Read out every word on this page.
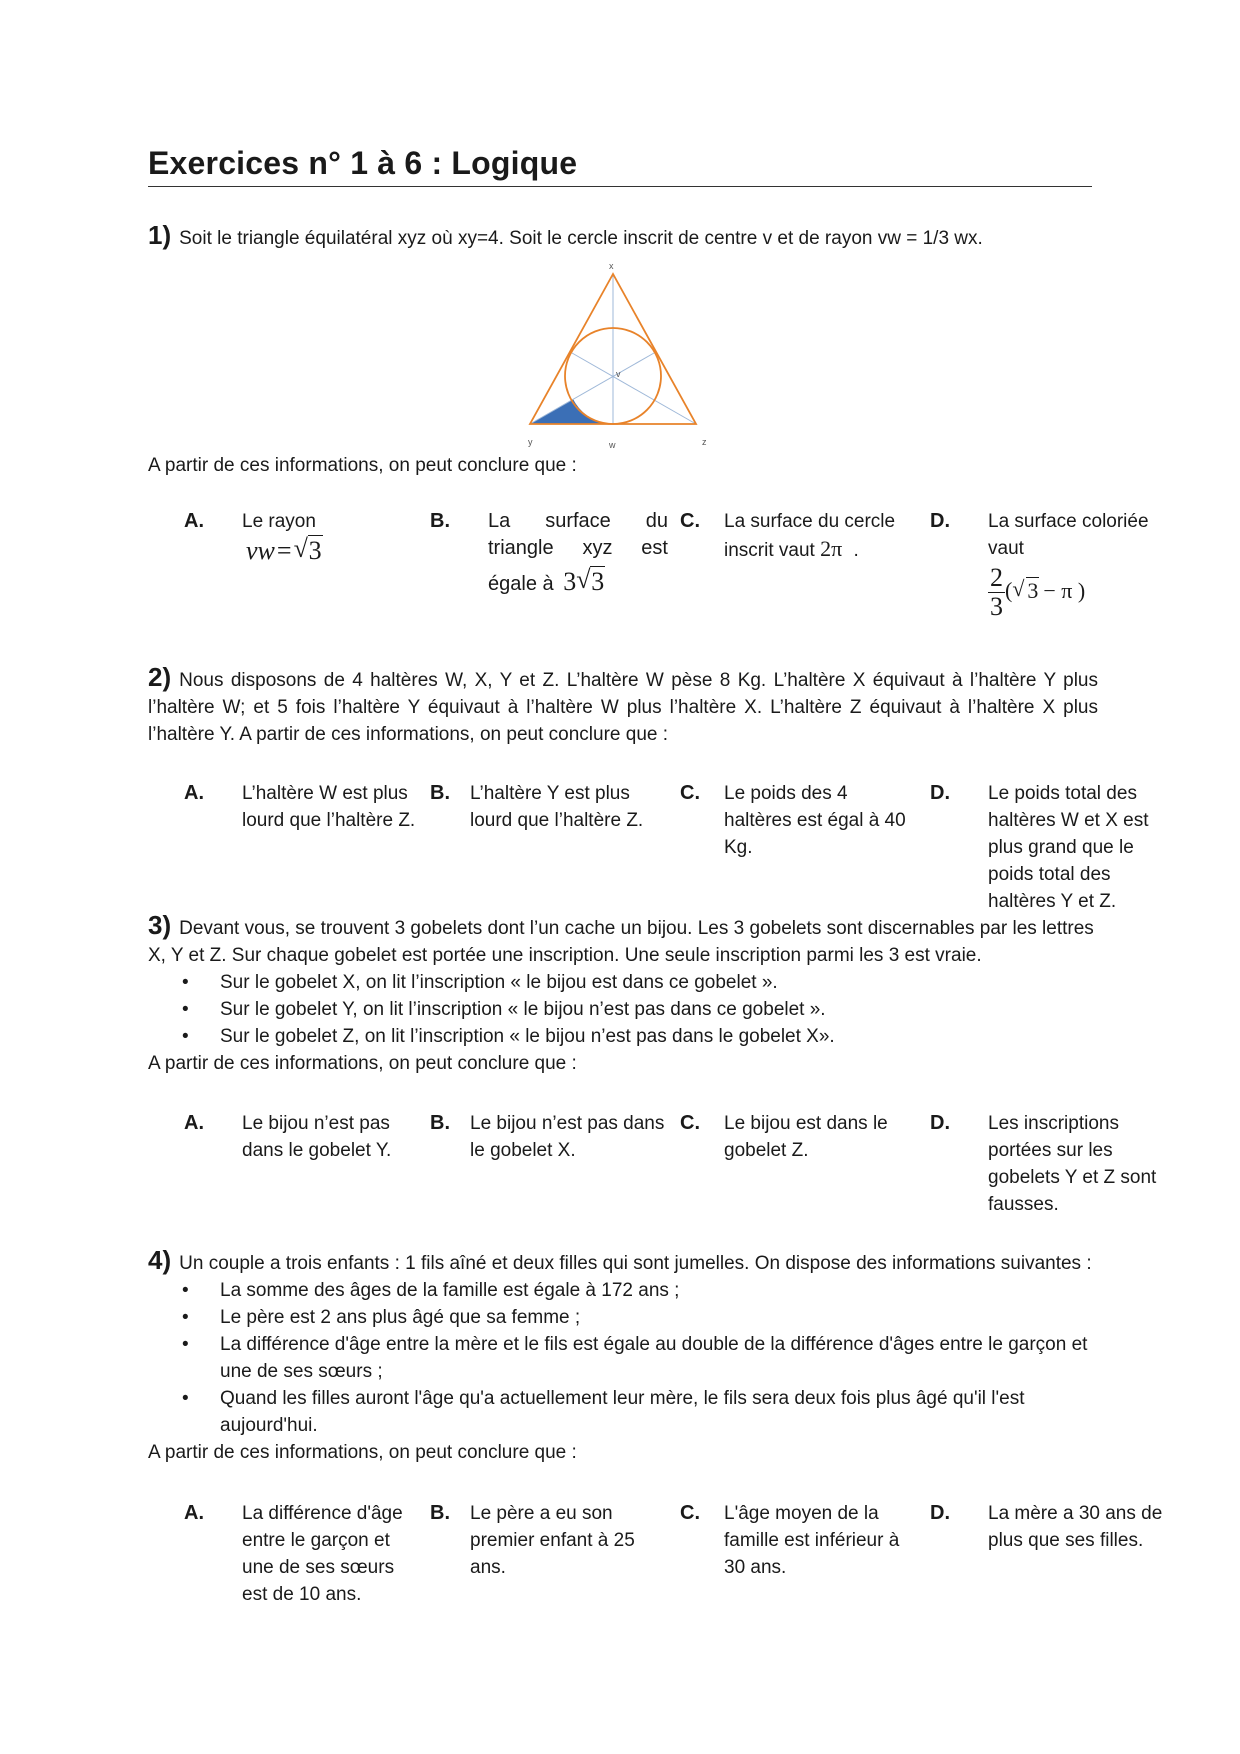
Exercices n° 1 à 6 : Logique
1) Soit le triangle équilatéral xyz où xy=4. Soit le cercle inscrit de centre v et de rayon vw = 1/3 wx.
x
v
y	w	z
A partir de ces informations, on peut conclure que :
A. Le rayon
vw= √ 3
B. La surface du
triangle xyz est
égale à 3 √ 3
C. La surface du cercle
inscrit vaut 2π .
D. La surface coloriée
vaut
$\frac{2}{3}$ ( √ 3 − π )
2) Nous disposons de 4 haltères W, X, Y et Z. L’haltère W pèse 8 Kg. L’haltère X équivaut à l’haltère Y plus
l’haltère W; et 5 fois l’haltère Y équivaut à l’haltère W plus l’haltère X. L’haltère Z équivaut à l’haltère X plus
l’haltère Y. A partir de ces informations, on peut conclure que :
A. L’haltère W est plus
lourd que l’haltère Z.
B. L’haltère Y est plus
lourd que l’haltère Z.
C. Le poids des 4
haltères est égal à 40
Kg.
D. Le poids total des
haltères W et X est
plus grand que le
poids total des
haltères Y et Z.
3) Devant vous, se trouvent 3 gobelets dont l’un cache un bijou. Les 3 gobelets sont discernables par les lettres
X, Y et Z. Sur chaque gobelet est portée une inscription. Une seule inscription parmi les 3 est vraie.
• Sur le gobelet X, on lit l’inscription « le bijou est dans ce gobelet ».
• Sur le gobelet Y, on lit l’inscription « le bijou n’est pas dans ce gobelet ».
• Sur le gobelet Z, on lit l’inscription « le bijou n’est pas dans le gobelet X».
A partir de ces informations, on peut conclure que :
A. Le bijou n’est pas
dans le gobelet Y.
B. Le bijou n’est pas dans
le gobelet X.
C. Le bijou est dans le
gobelet Z.
D. Les inscriptions
portées sur les
gobelets Y et Z sont
fausses.
4) Un couple a trois enfants : 1 fils aîné et deux filles qui sont jumelles. On dispose des informations suivantes :
• La somme des âges de la famille est égale à 172 ans ;
• Le père est 2 ans plus âgé que sa femme ;
• La différence d'âge entre la mère et le fils est égale au double de la différence d'âges entre le garçon et une de ses sœurs ;
• Quand les filles auront l'âge qu'a actuellement leur mère, le fils sera deux fois plus âgé qu'il l'est aujourd'hui.
A partir de ces informations, on peut conclure que :
A. La différence d'âge
entre le garçon et
une de ses sœurs
est de 10 ans.
B. Le père a eu son
premier enfant à 25
ans.
C. L'âge moyen de la
famille est inférieur à
30 ans.
D. La mère a 30 ans de
plus que ses filles.
